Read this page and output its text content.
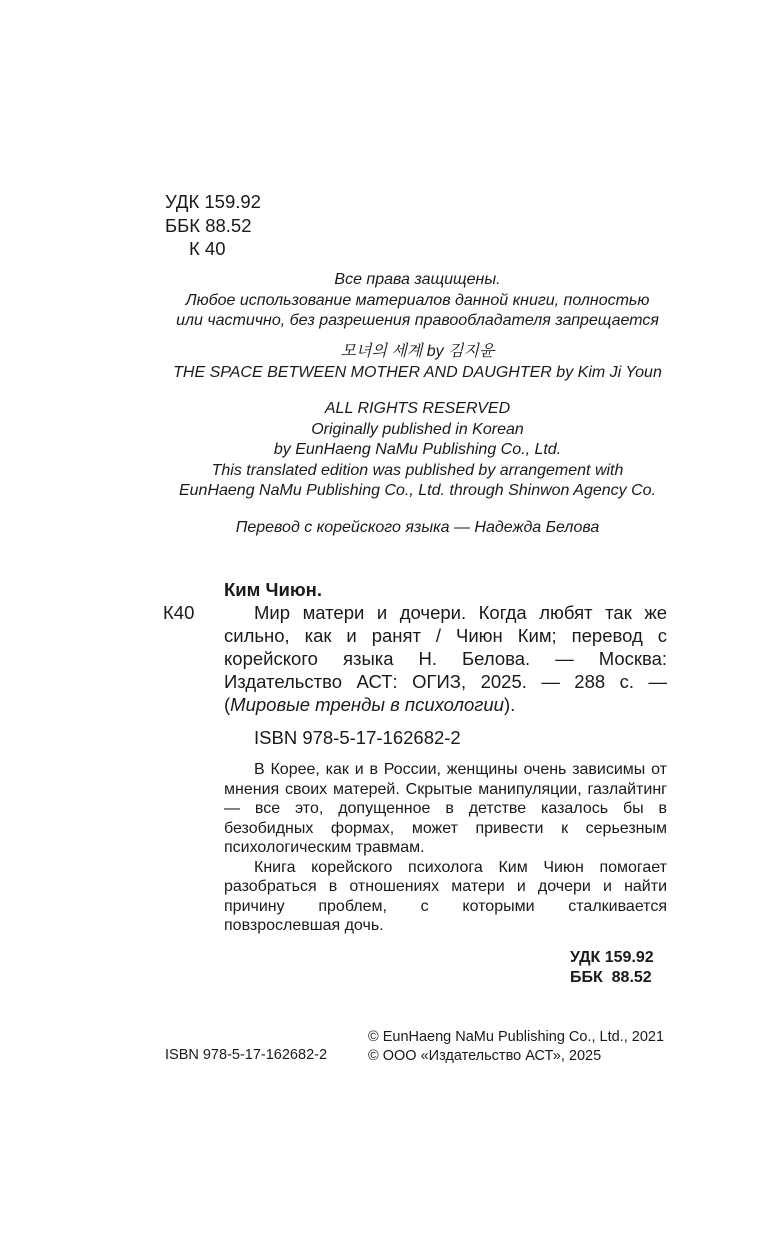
УДК 159.92
ББК 88.52
К 40
Все права защищены.
Любое использование материалов данной книги, полностью
или частично, без разрешения правообладателя запрещается
모녀의 세계 by 김지윤
THE SPACE BETWEEN MOTHER AND DAUGHTER by Kim Ji Youn
ALL RIGHTS RESERVED
Originally published in Korean
by EunHaeng NaMu Publishing Co., Ltd.
This translated edition was published by arrangement with
EunHaeng NaMu Publishing Co., Ltd. through Shinwon Agency Co.
Перевод с корейского языка — Надежда Белова
Ким Чиюн.
К40	Мир матери и дочери. Когда любят так же сильно, как и ранят / Чиюн Ким; перевод с корейского языка Н. Белова. — Москва: Издательство АСТ: ОГИЗ, 2025. — 288 с. — (Мировые тренды в психологии).
ISBN 978-5-17-162682-2

В Корее, как и в России, женщины очень зависимы от мнения своих матерей. Скрытые манипуляции, газлайтинг — все это, допущенное в детстве казалось бы в безобидных формах, может привести к серьезным психологическим травмам.

Книга корейского психолога Ким Чиюн помогает разобраться в отношениях матери и дочери и найти причину проблем, с которыми сталкивается повзрослевшая дочь.

УДК 159.92
ББК  88.52
ISBN 978-5-17-162682-2
© EunHaeng NaMu Publishing Co., Ltd., 2021
© ООО «Издательство АСТ», 2025
